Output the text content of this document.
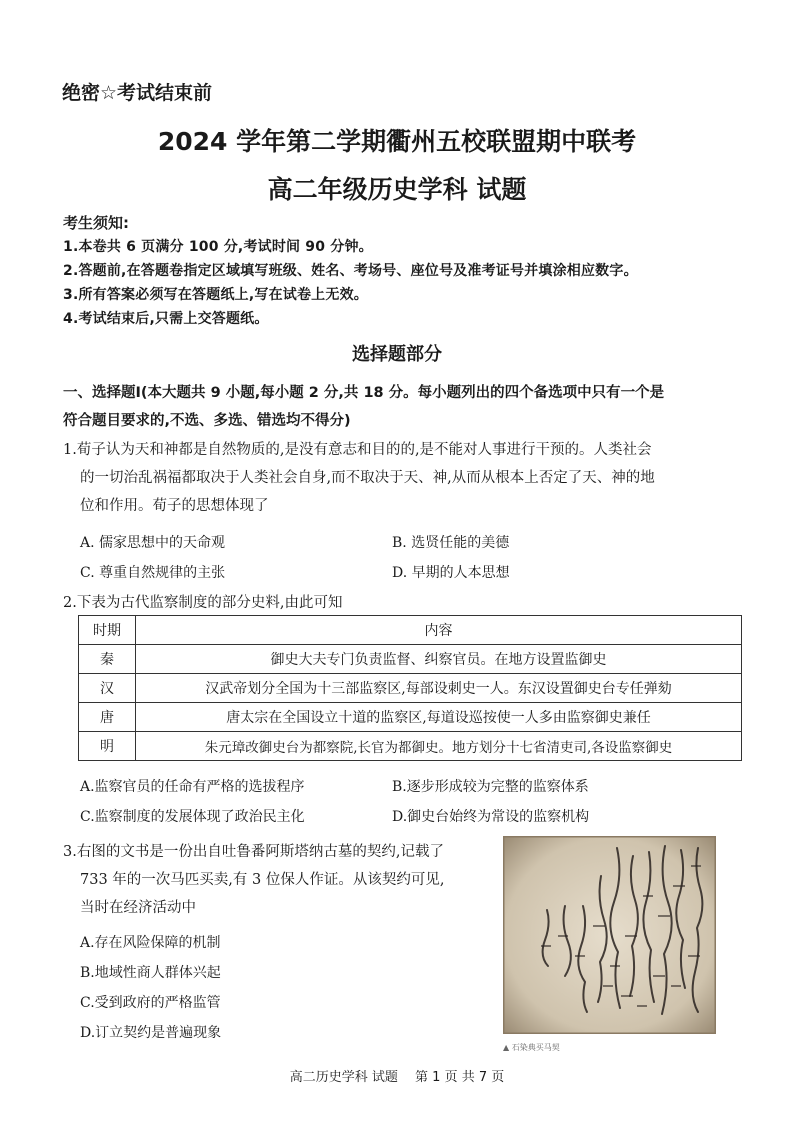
绝密☆考试结束前
2024 学年第二学期衢州五校联盟期中联考
高二年级历史学科 试题
考生须知:
1.本卷共 6 页满分 100 分,考试时间 90 分钟。
2.答题前,在答题卷指定区域填写班级、姓名、考场号、座位号及准考证号并填涂相应数字。
3.所有答案必须写在答题纸上,写在试卷上无效。
4.考试结束后,只需上交答题纸。
选择题部分
一、选择题Ⅰ(本大题共 9 小题,每小题 2 分,共 18 分。每小题列出的四个备选项中只有一个是
符合题目要求的,不选、多选、错选均不得分)
1.荀子认为天和神都是自然物质的,是没有意志和目的的,是不能对人事进行干预的。人类社会
的一切治乱祸福都取决于人类社会自身,而不取决于天、神,从而从根本上否定了天、神的地
位和作用。荀子的思想体现了
A. 儒家思想中的天命观	B. 选贤任能的美德
C. 尊重自然规律的主张	D. 早期的人本思想
2.下表为古代监察制度的部分史料,由此可知
时期	内容
秦	御史大夫专门负责监督、纠察官员。在地方设置监御史
汉	汉武帝划分全国为十三部监察区,每部设刺史一人。东汉设置御史台专任弹劾
唐	唐太宗在全国设立十道的监察区,每道设巡按使一人多由监察御史兼任
明	朱元璋改御史台为都察院,长官为都御史。地方划分十七省清吏司,各设监察御史
A.监察官员的任命有严格的选拔程序	B.逐步形成较为完整的监察体系
C.监察制度的发展体现了政治民主化	D.御史台始终为常设的监察机构
3.右图的文书是一份出自吐鲁番阿斯塔纳古墓的契约,记载了
733 年的一次马匹买卖,有 3 位保人作证。从该契约可见,
当时在经济活动中
A.存在风险保障的机制
B.地域性商人群体兴起
C.受到政府的严格监管
D.订立契约是普遍现象
▲ 石染典买马契
高二历史学科 试题　 第 1 页 共 7 页
